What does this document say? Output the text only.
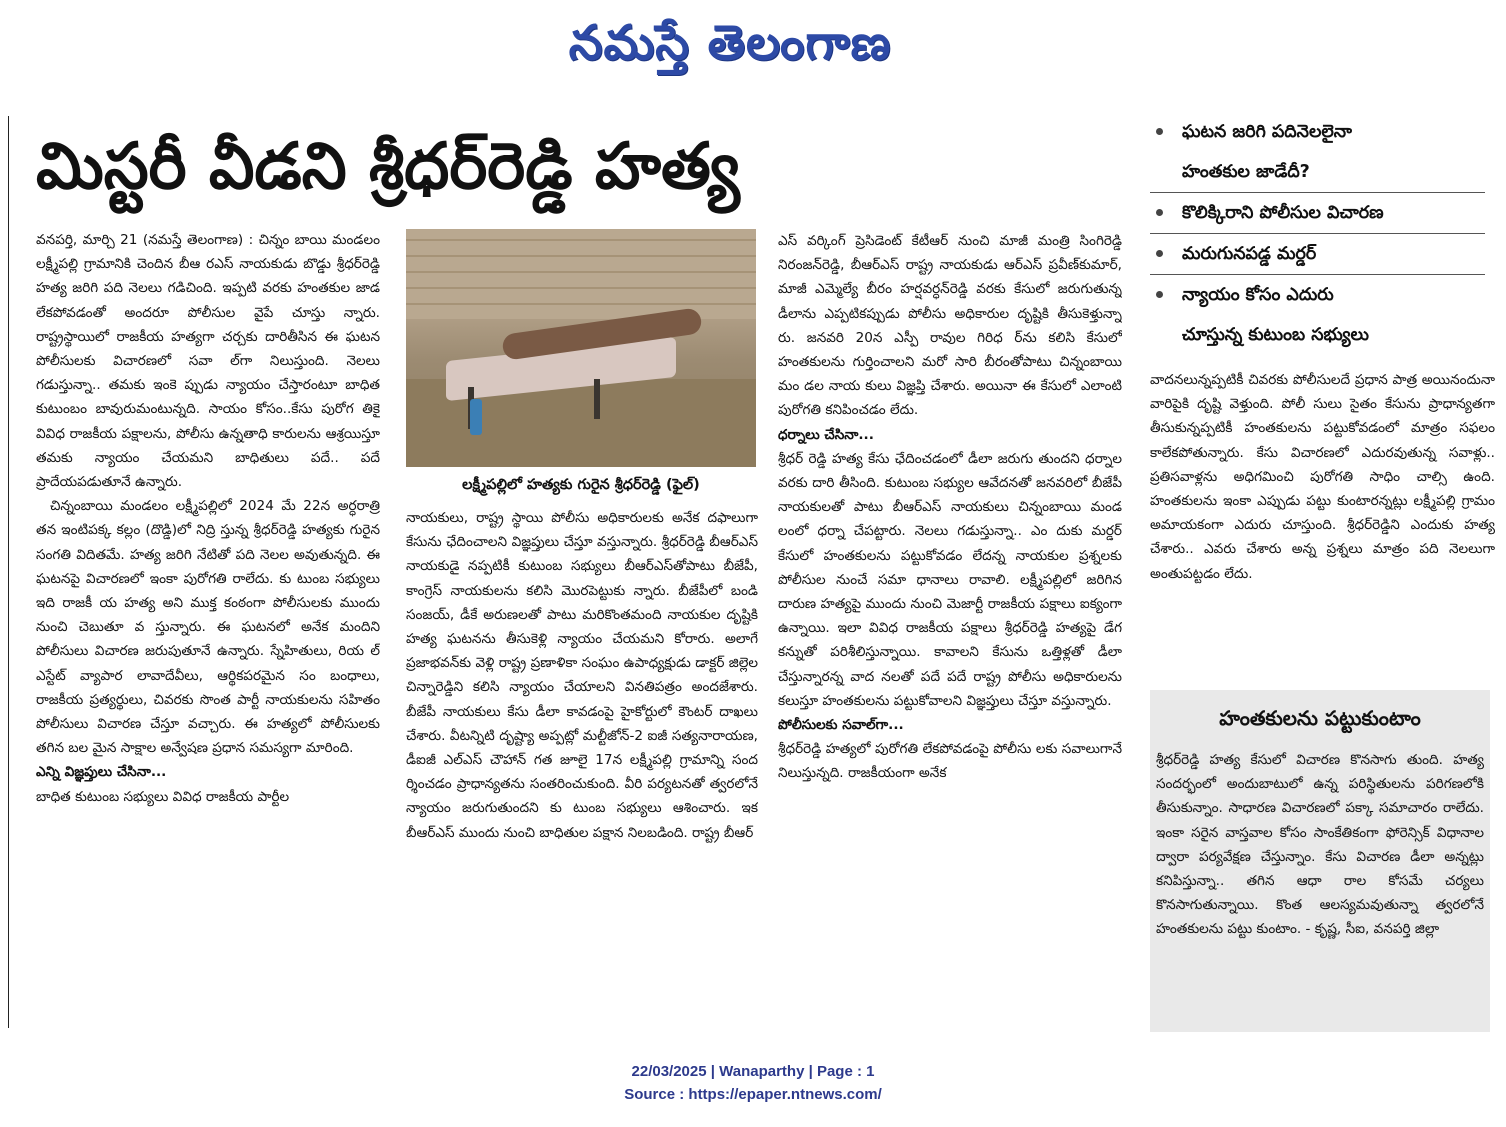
నమస్తే తెలంగాణ
మిస్టరీ వీడని శ్రీధర్‌రెడ్డి హత్య

వనపర్తి, మార్చి 21 (నమస్తే తెలంగాణ) : చిన్నం బాయి మండలం లక్ష్మీపల్లి గ్రామానికి చెందిన బీఆ రఎస్‌ నాయకుడు బొడ్డు శ్రీధర్‌రెడ్డి హత్య జరిగి పది నెలలు గడిచింది. ఇప్పటి వరకు హంతకుల జాడ లేకపోవడంతో అందరూ పోలీసుల వైపే చూస్తు న్నారు. రాష్ట్రస్థాయిలో రాజకీయ హత్యగా చర్చకు దారితీసిన ఈ ఘటన పోలీసులకు విచారణలో సవా ల్‌గా నిలుస్తుంది. నెలలు గడుస్తున్నా.. తమకు ఇంకె ప్పుడు న్యాయం చేస్తారంటూ బాధిత కుటుంబం బావురుమంటున్నది. సాయం కోసం..కేసు పురోగ తికై వివిధ రాజకీయ పక్షాలను, పోలీసు ఉన్నతాధి కారులను ఆశ్రయిస్తూ తమకు న్యాయం చేయమని బాధితులు పదే.. పదే ప్రాదేయపడుతూనే ఉన్నారు.

చిన్నంబాయి మండలం లక్ష్మీపల్లిలో 2024 మే 22న అర్ధరాత్రి తన ఇంటిపక్క కల్లం (దొడ్డి)లో నిద్రి స్తున్న శ్రీధర్‌రెడ్డి హత్యకు గురైన సంగతి విదితమే. హత్య జరిగి నేటితో పది నెలల అవుతున్నది. ఈ ఘటనపై విచారణలో ఇంకా పురోగతి రాలేదు. కు టుంబ సభ్యులు ఇది రాజకీ య హత్య అని ముక్త కంఠంగా పోలీసులకు ముందు నుంచి చెబుతూ వ స్తున్నారు. ఈ ఘటనలో అనేక మందిని పోలీసులు విచారణ జరుపుతూనే ఉన్నారు. స్నేహితులు, రియ ల్‌ ఎస్టేట్‌ వ్యాపార లావాదేవీలు, ఆర్థికపరమైన సం బంధాలు, రాజకీయ ప్రత్యర్థులు, చివరకు సొంత పార్టీ నాయకులను సహితం పోలీసులు విచారణ చేస్తూ వచ్చారు. ఈ హత్యలో పోలీసులకు తగిన బల మైన సాక్షాల అన్వేషణ ప్రధాన సమస్యగా మారింది.

ఎన్ని విజ్ఞప్తులు చేసినా...

బాధిత కుటుంబ సభ్యులు వివిధ రాజకీయ పార్టీల

లక్ష్మీపల్లిలో హత్యకు గురైన శ్రీధర్‌రెడ్డి (ఫైల్‌)

నాయకులు, రాష్ట్ర స్థాయి పోలీసు అధికారులకు అనేక దఫాలుగా కేసును ఛేదించాలని విజ్ఞప్తులు చేస్తూ వస్తున్నారు. శ్రీధర్‌రెడ్డి బీఆర్‌ఎస్‌ నాయకుడై నప్పటికీ కుటుంబ సభ్యులు బీఆర్‌ఎస్‌తోపాటు బీజేపీ, కాంగ్రెస్‌ నాయకులను కలిసి మొరపెట్టుకు న్నారు. బీజేపీలో బండి సంజయ్‌, డీకే అరుణలతో పాటు మరికొంతమంది నాయకుల దృష్టికి హత్య ఘటనను తీసుకెళ్లి న్యాయం చేయమని కోరారు. అలాగే ప్రజాభవన్‌కు వెళ్లి రాష్ట్ర ప్రణాళికా సంఘం ఉపాధ్యక్షుడు డాక్టర్‌ జిల్లెల చిన్నారెడ్డిని కలిసి న్యాయం చేయాలని వినతిపత్రం అందజేశారు. బీజేపీ నాయకులు కేసు డీలా కావడంపై హైకోర్టులో కౌంటర్‌ దాఖలు చేశారు. వీటన్నిటి దృష్ట్యా అప్పట్లో మల్టీజోన్‌-2 ఐజీ సత్యనారాయణ, డీఐజీ ఎల్‌ఎస్‌ చౌహాన్‌ గత జూలై 17న లక్ష్మీపల్లి గ్రామాన్ని సంద ర్శించడం ప్రాధాన్యతను సంతరించుకుంది. వీరి పర్యటనతో త్వరలోనే న్యాయం జరుగుతుందని కు టుంబ సభ్యులు ఆశించారు. ఇక బీఆర్‌ఎస్‌ ముందు నుంచి బాధితుల పక్షాన నిలబడింది. రాష్ట్ర బీఆర్‌

ఎస్‌ వర్కింగ్‌ ప్రెసిడెంట్‌ కేటీఆర్‌ నుంచి మాజీ మంత్రి సింగిరెడ్డి నిరంజన్‌రెడ్డి, బీఆర్‌ఎస్‌ రాష్ట్ర నాయకుడు ఆర్‌ఎస్‌ ప్రవీణ్‌కుమార్‌, మాజీ ఎమ్మెల్యే బీరం హర్షవర్ధన్‌రెడ్డి వరకు కేసులో జరుగుతున్న డీలాను ఎప్పటికప్పుడు పోలీసు అధికారుల దృష్టికి తీసుకెళ్తున్నా రు. జనవరి 20న ఎస్పీ రావుల గిరిధ ర్‌ను కలిసి కేసులో హంతకులను గుర్తించాలని మరో సారి బీరంతోపాటు చిన్నంబాయి మం డల నాయ కులు విజ్ఞప్తి చేశారు. అయినా ఈ కేసులో ఎలాంటి పురోగతి కనిపించడం లేదు.

ధర్నాలు చేసినా...

శ్రీధర్‌ రెడ్డి హత్య కేసు ఛేదించడంలో డీలా జరుగు తుందని ధర్నాల వరకు దారి తీసింది. కుటుంబ సభ్యుల ఆవేదనతో జనవరిలో బీజేపీ నాయకులతో పాటు బీఆర్‌ఎస్‌ నాయకులు చిన్నంబాయి మండ లంలో ధర్నా చేపట్టారు. నెలలు గడుస్తున్నా.. ఎం దుకు మర్డర్‌ కేసులో హంతకులను పట్టుకోవడం లేదన్న నాయకుల ప్రశ్నలకు పోలీసుల నుంచే సమా ధానాలు రావాలి. లక్ష్మీపల్లిలో జరిగిన దారుణ హత్యపై ముందు నుంచి మెజార్టీ రాజకీయ పక్షాలు ఐక్యంగా ఉన్నాయి. ఇలా వివిధ రాజకీయ పక్షాలు శ్రీధర్‌రెడ్డి హత్యపై డేగ కన్నుతో పరిశీలిస్తున్నాయి. కావాలని కేసును ఒత్తిళ్లతో డీలా చేస్తున్నారన్న వాద నలతో పదే పదే రాష్ట్ర పోలీసు అధికారులను కలుస్తూ హంతకులను పట్టుకోవాలని విజ్ఞప్తులు చేస్తూ వస్తున్నారు.

పోలీసులకు సవాల్‌గా...

శ్రీధర్‌రెడ్డి హత్యలో పురోగతి లేకపోవడంపై పోలీసు లకు సవాలుగానే నిలుస్తున్నది. రాజకీయంగా అనేక

ఘటన జరిగి పదినెలలైనా
హంతకుల జాడేదీ?
కొలిక్కిరాని పోలీసుల విచారణ
మరుగునపడ్డ మర్డర్‌
న్యాయం కోసం ఎదురు
చూస్తున్న కుటుంబ సభ్యులు

వాదనలున్నప్పటికీ చివరకు పోలీసులదే ప్రధాన పాత్ర అయినందునా వారిపైకి దృష్టి వెళ్తుంది. పోలీ సులు సైతం కేసును ప్రాధాన్యతగా తీసుకున్నప్పటికీ హంతకులను పట్టుకోవడంలో మాత్రం సఫలం కాలేకపోతున్నారు. కేసు విచారణలో ఎదురవుతున్న సవాళ్లు.. ప్రతిసవాళ్లను అధిగమించి పురోగతి సాధిం చాల్సి ఉంది. హంతకులను ఇంకా ఎప్పుడు పట్టు కుంటారన్నట్లు లక్ష్మీపల్లి గ్రామం అమాయకంగా ఎదురు చూస్తుంది. శ్రీధర్‌రెడ్డిని ఎందుకు హత్య చేశారు.. ఎవరు చేశారు అన్న ప్రశ్నలు మాత్రం పది నెలలుగా అంతుపట్టడం లేదు.

హంతకులను పట్టుకుంటాం
శ్రీధర్‌రెడ్డి హత్య కేసులో విచారణ కొనసాగు తుంది. హత్య సందర్భంలో అందుబాటులో ఉన్న పరిస్థితులను పరిగణలోకి తీసుకున్నాం. సాధారణ విచారణలో పక్కా సమాచారం రాలేదు. ఇంకా సరైన వాస్తవాల కోసం సాంకేతికంగా ఫోరెన్సిక్‌ విధానాల ద్వారా పర్యవేక్షణ చేస్తున్నాం. కేసు విచారణ డీలా అన్నట్లు కనిపిస్తున్నా.. తగిన ఆధా రాల కోసమే చర్యలు కొనసాగుతున్నాయి. కొంత ఆలస్యమవుతున్నా త్వరలోనే హంతకులను పట్టు కుంటాం. - కృష్ణ, సీఐ, వనపర్తి జిల్లా
22/03/2025 | Wanaparthy | Page : 1
Source : https://epaper.ntnews.com/
